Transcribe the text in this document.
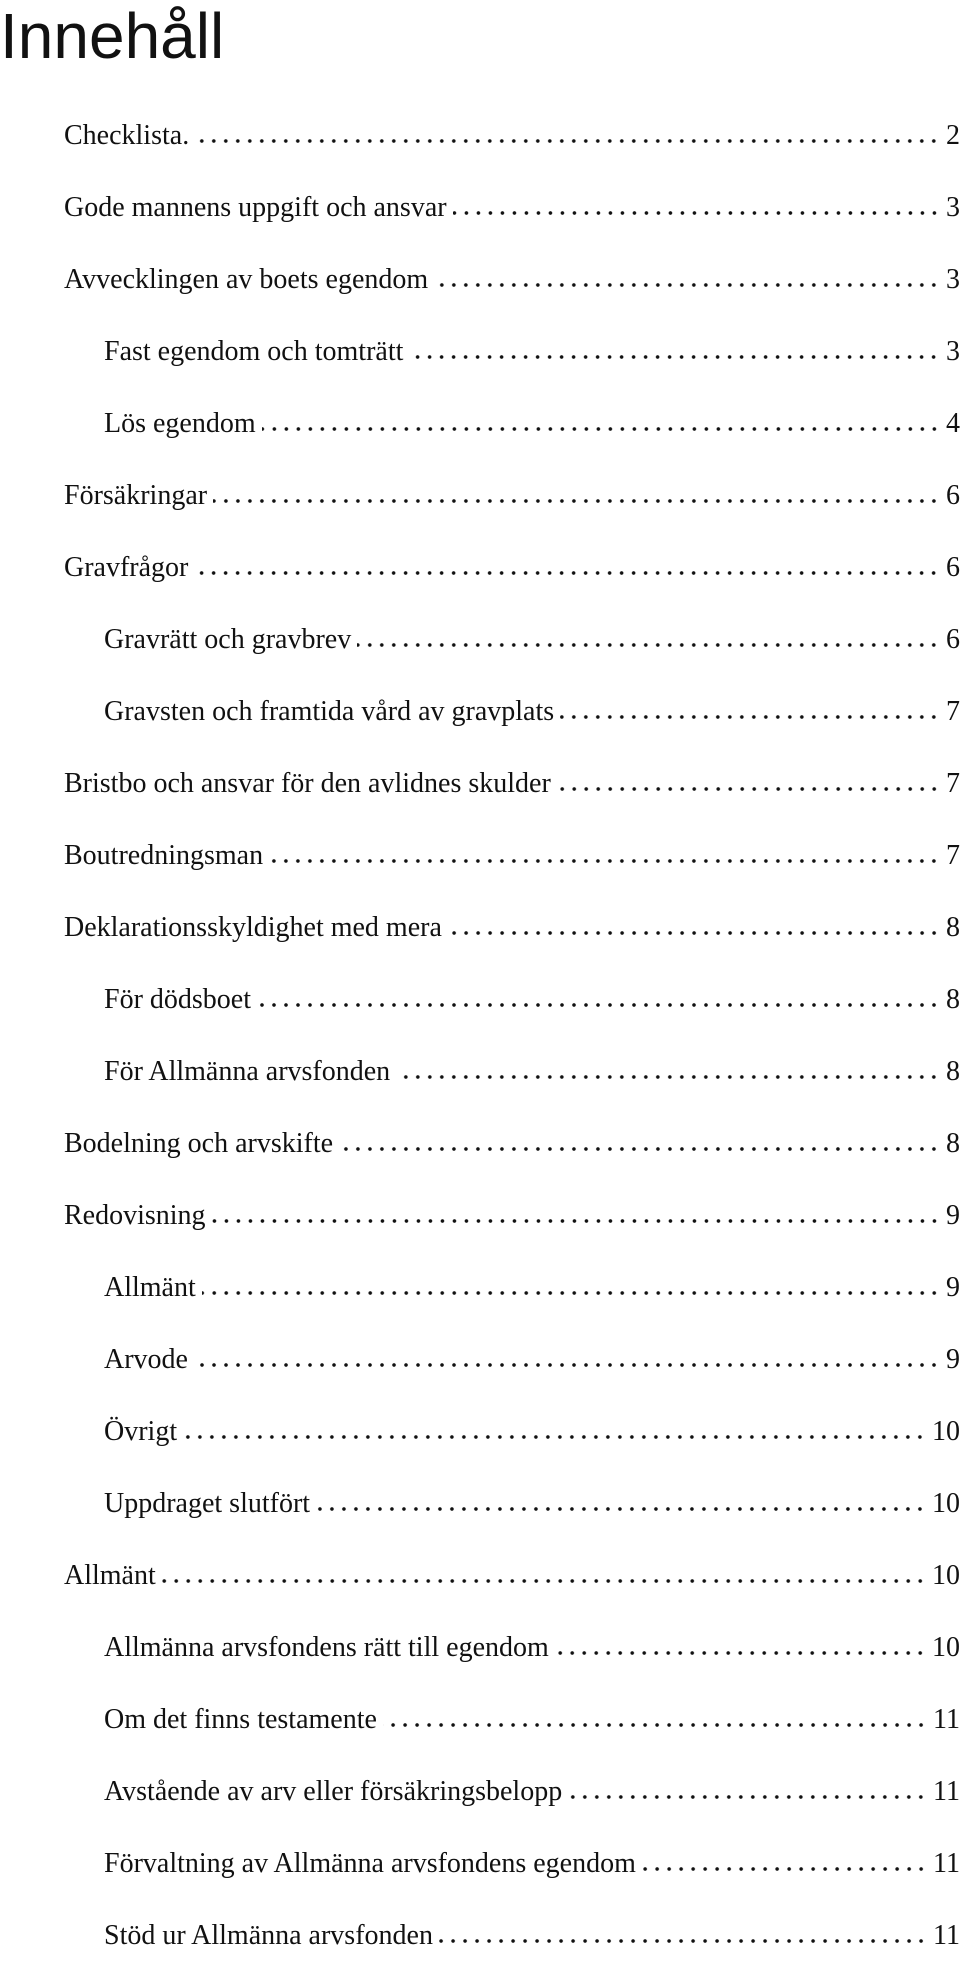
Innehåll
Checklista.	2
Gode mannens uppgift och ansvar	3
Avvecklingen av boets egendom	3
Fast egendom och tomträtt	3
Lös egendom	4
Försäkringar	6
Gravfrågor	6
Gravrätt och gravbrev	6
Gravsten och framtida vård av gravplats	7
Bristbo och ansvar för den avlidnes skulder	7
Boutredningsman	7
Deklarationsskyldighet med mera	8
För dödsboet	8
För Allmänna arvsfonden	8
Bodelning och arvskifte	8
Redovisning	9
Allmänt	9
Arvode	9
Övrigt	10
Uppdraget slutfört	10
Allmänt	10
Allmänna arvsfondens rätt till egendom	10
Om det finns testamente	11
Avstående av arv eller försäkringsbelopp	11
Förvaltning av Allmänna arvsfondens egendom	11
Stöd ur Allmänna arvsfonden	11
